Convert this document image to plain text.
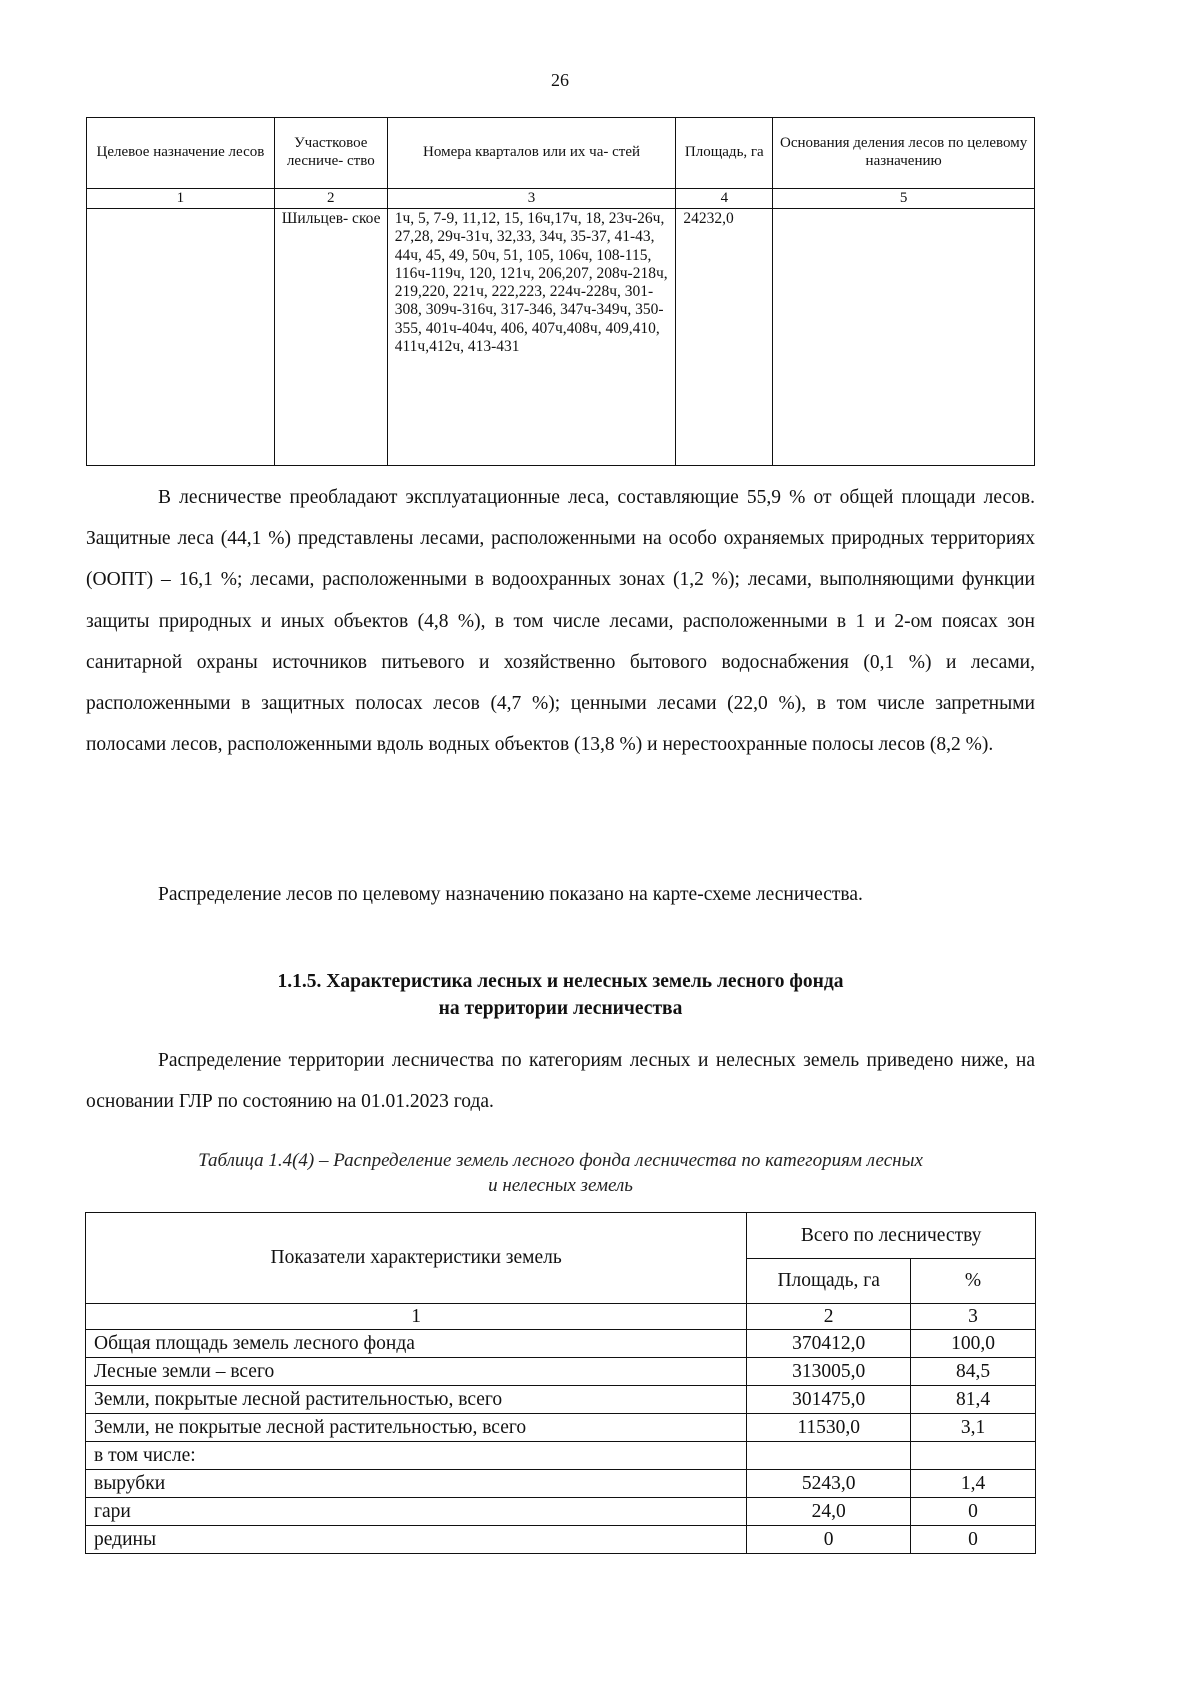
26
Целевое назначение лесов	Участковое лесниче- ство	Номера кварталов или их ча- стей	Площадь, га	Основания деления лесов по целевому назначению
1	2	3	4	5
	Шильцев- ское	1ч, 5, 7-9, 11,12, 15, 16ч,17ч, 18, 23ч-26ч, 27,28, 29ч-31ч, 32,33, 34ч, 35-37, 41-43, 44ч, 45, 49, 50ч, 51, 105, 106ч, 108-115, 116ч-119ч, 120, 121ч, 206,207, 208ч-218ч, 219,220, 221ч, 222,223, 224ч-228ч, 301-308, 309ч-316ч, 317-346, 347ч-349ч, 350-355, 401ч-404ч, 406, 407ч,408ч, 409,410, 411ч,412ч, 413-431	24232,0	

В лесничестве преобладают эксплуатационные леса, составляющие 55,9 % от общей площади лесов. Защитные леса (44,1 %) представлены лесами, расположенными на особо охраняемых природных территориях (ООПТ) – 16,1 %; лесами, расположенными в водоохранных зонах (1,2 %); лесами, выполняющими функции защиты природных и иных объектов (4,8 %), в том числе лесами, расположенными в 1 и 2-ом поясах зон санитарной охраны источников питьевого и хозяйственно бытового водоснабжения (0,1 %) и лесами, расположенными в защитных полосах лесов (4,7 %); ценными лесами (22,0 %), в том числе запретными полосами лесов, расположенными вдоль водных объектов (13,8 %) и нерестоохранные полосы лесов (8,2 %).

Распределение лесов по целевому назначению показано на карте-схеме лесничества.

1.1.5. Характеристика лесных и нелесных земель лесного фонда
на территории лесничества

Распределение территории лесничества по категориям лесных и нелесных земель приведено ниже, на основании ГЛР по состоянию на 01.01.2023 года.

Таблица 1.4(4) – Распределение земель лесного фонда лесничества по категориям лесных
и нелесных земель
Показатели характеристики земель	Всего по лесничеству	
	Площадь, га	%
1	2	3
Общая площадь земель лесного фонда	370412,0	100,0
Лесные земли – всего	313005,0	84,5
Земли, покрытые лесной растительностью, всего	301475,0	81,4
Земли, не покрытые лесной растительностью, всего	11530,0	3,1
в том числе:		
вырубки	5243,0	1,4
гари	24,0	0
редины	0	0
